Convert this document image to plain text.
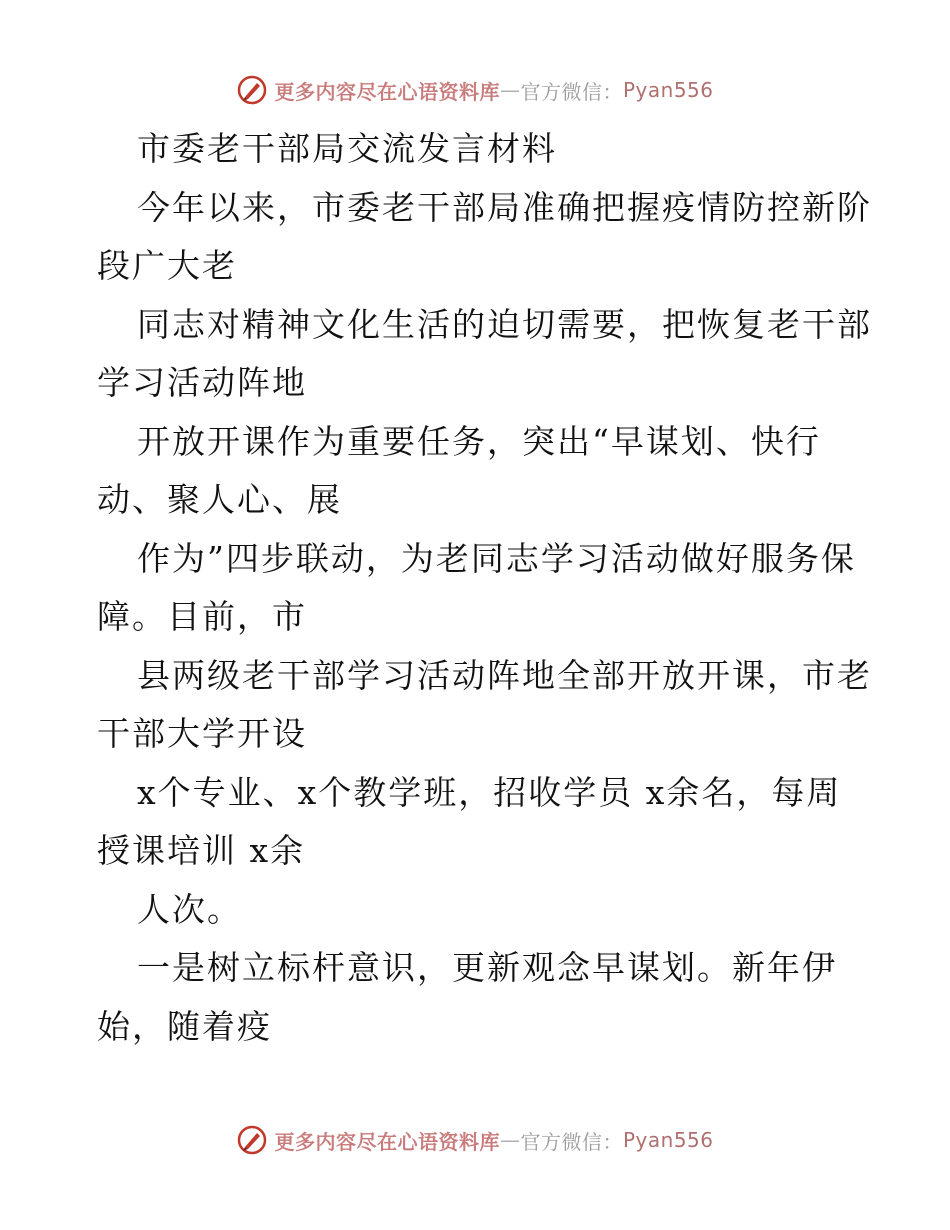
更多内容尽在心语资料库 — 官方微信： Pyan556
市委老干部局交流发言材料
今年以来，市委老干部局准确把握疫情防控新阶
段广大老
同志对精神文化生活的迫切需要，把恢复老干部
学习活动阵地
开放开课作为重要任务，突出“早谋划、快行
动、聚人心、展
作为”四步联动，为老同志学习活动做好服务保
障。目前，市
县两级老干部学习活动阵地全部开放开课，市老
干部大学开设
x个专业、x个教学班，招收学员 x余名，每周
授课培训 x余
人次。
一是树立标杆意识，更新观念早谋划。新年伊
始，随着疫
更多内容尽在心语资料库 — 官方微信： Pyan556
